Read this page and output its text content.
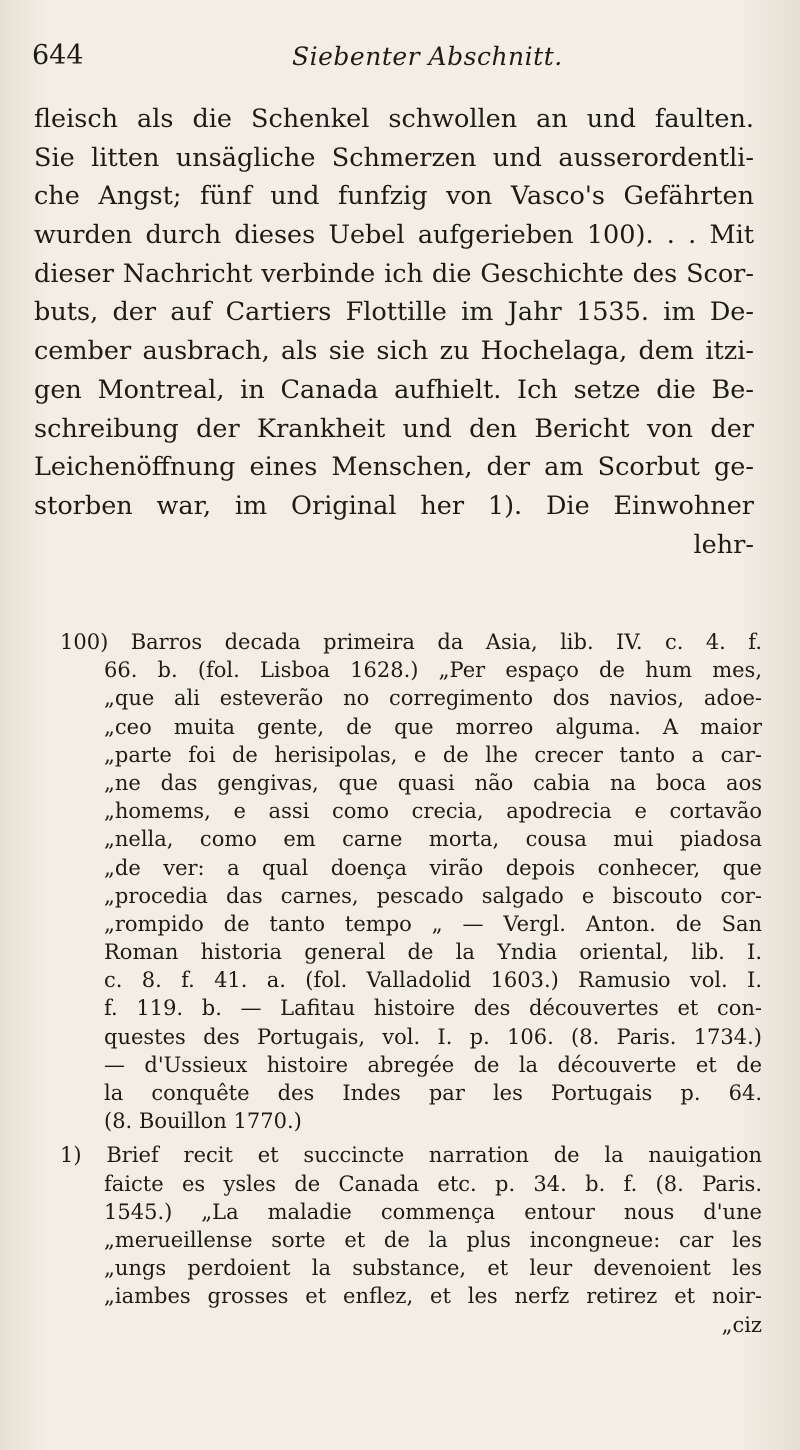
644	Siebenter Abschnitt.
fleisch als die Schenkel schwollen an und faulten.
Sie litten unsägliche Schmerzen und ausserordentli-
che Angst; fünf und funfzig von Vasco's Gefährten
wurden durch dieses Uebel aufgerieben 100). . . Mit
dieser Nachricht verbinde ich die Geschichte des Scor-
buts, der auf Cartiers Flottille im Jahr 1535. im De-
cember ausbrach, als sie sich zu Hochelaga, dem itzi-
gen Montreal, in Canada aufhielt. Ich setze die Be-
schreibung der Krankheit und den Bericht von der
Leichenöffnung eines Menschen, der am Scorbut ge-
storben war, im Original her 1). Die Einwohner
lehr-
100) Barros decada primeira da Asia, lib. IV. c. 4. f.
66. b. (fol. Lisboa 1628.) „Per espaço de hum mes,
„que ali esteverão no corregimento dos navios, adoe-
„ceo muita gente, de que morreo alguma. A maior
„parte foi de herisipolas, e de lhe crecer tanto a car-
„ne das gengivas, que quasi não cabia na boca aos
„homems, e assi como crecia, apodrecia e cortavão
„nella, como em carne morta, cousa mui piadosa
„de ver: a qual doença virão depois conhecer, que
„procedia das carnes, pescado salgado e biscouto cor-
„rompido de tanto tempo „ — Vergl. Anton. de San
Roman historia general de la Yndia oriental, lib. I.
c. 8. f. 41. a. (fol. Valladolid 1603.) Ramusio vol. I.
f. 119. b. — Lafitau histoire des découvertes et con-
questes des Portugais, vol. I. p. 106. (8. Paris. 1734.)
— d'Ussieux histoire abregée de la découverte et de
la conquête des Indes par les Portugais p. 64.
(8. Bouillon 1770.)
1) Brief recit et succincte narration de la nauigation
faicte es ysles de Canada etc. p. 34. b. f. (8. Paris.
1545.) „La maladie commença entour nous d'une
„merueillense sorte et de la plus incongneue: car les
„ungs perdoient la substance, et leur devenoient les
„iambes grosses et enflez, et les nerfz retirez et noir-
„ciz
